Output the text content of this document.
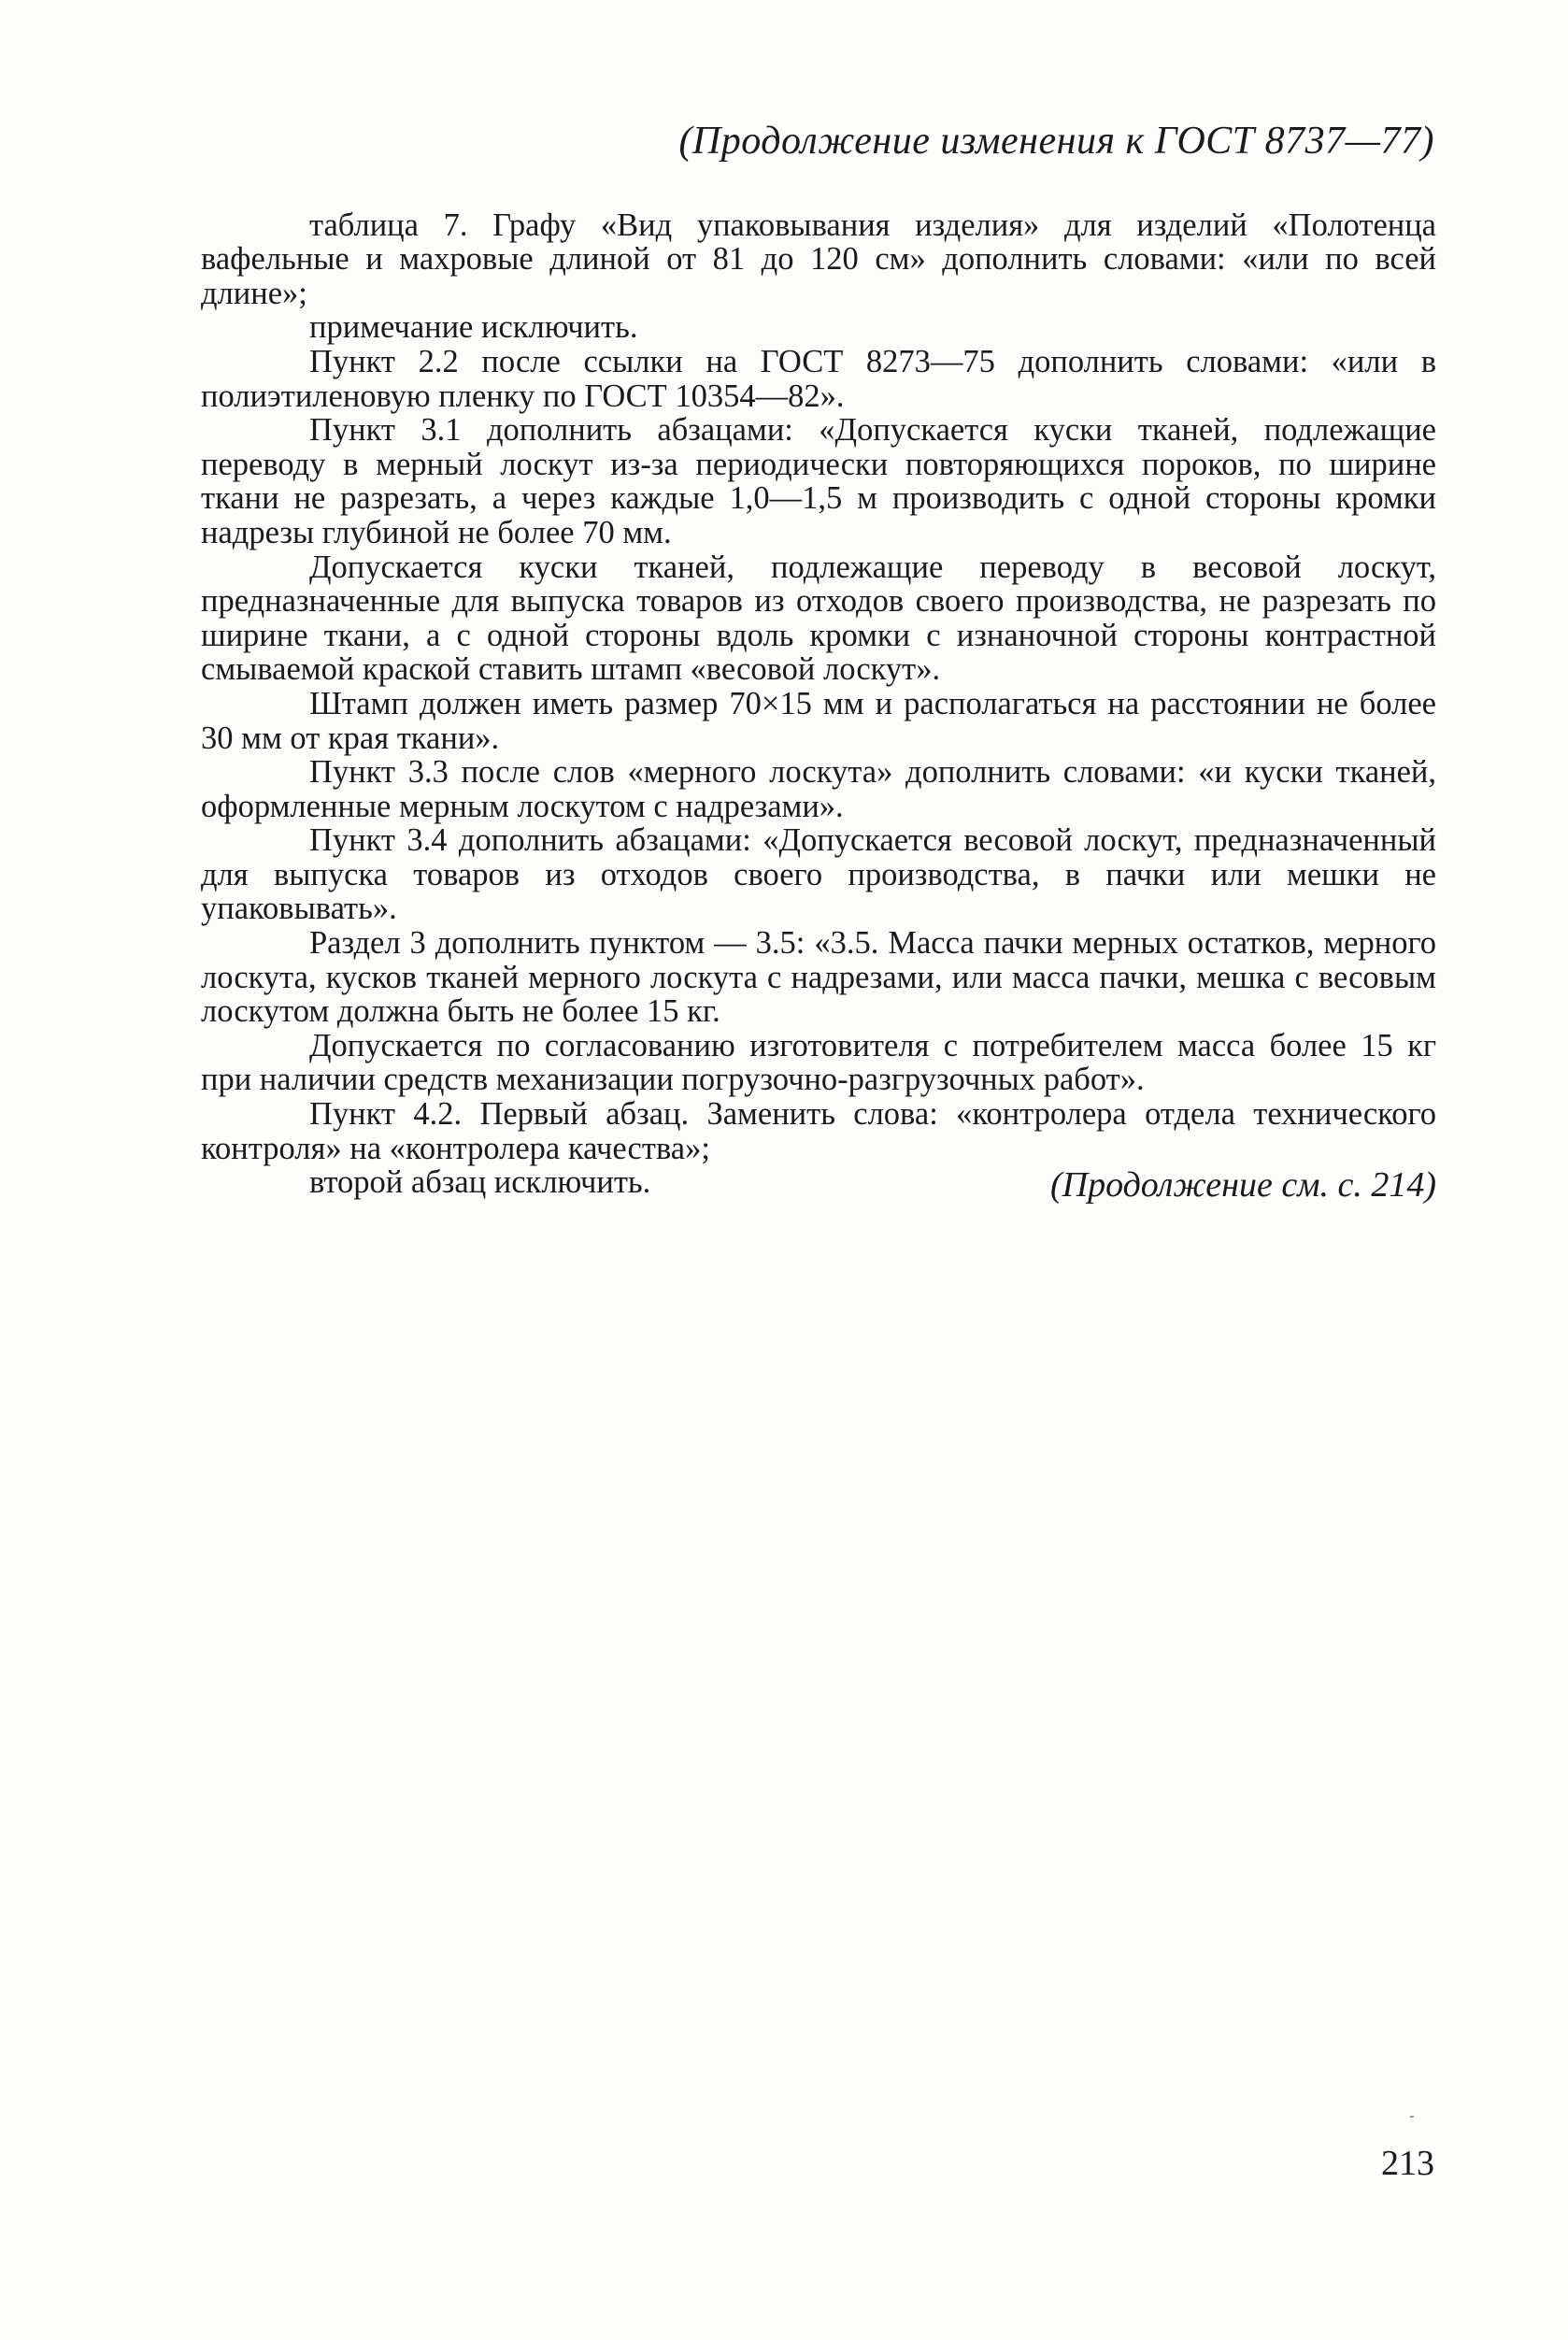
(Продолжение изменения к ГОСТ 8737—77)

таблица 7. Графу «Вид упаковывания изделия» для изделий «Полотенца вафельные и махровые длиной от 81 до 120 см» дополнить словами: «или по всей длине»;

примечание исключить.

Пункт 2.2 после ссылки на ГОСТ 8273—75 дополнить словами: «или в полиэтиленовую пленку по ГОСТ 10354—82».

Пункт 3.1 дополнить абзацами: «Допускается куски тканей, подлежащие переводу в мерный лоскут из-за периодически повторяющихся пороков, по ширине ткани не разрезать, а через каждые 1,0—1,5 м производить с одной стороны кромки надрезы глубиной не более 70 мм.

Допускается куски тканей, подлежащие переводу в весовой лоскут, предназначенные для выпуска товаров из отходов своего производства, не разрезать по ширине ткани, а с одной стороны вдоль кромки с изнаночной стороны контрастной смываемой краской ставить штамп «весовой лоскут».

Штамп должен иметь размер 70×15 мм и располагаться на расстоянии не более 30 мм от края ткани».

Пункт 3.3 после слов «мерного лоскута» дополнить словами: «и куски тканей, оформленные мерным лоскутом с надрезами».

Пункт 3.4 дополнить абзацами: «Допускается весовой лоскут, предназначенный для выпуска товаров из отходов своего производства, в пачки или мешки не упаковывать».

Раздел 3 дополнить пунктом — 3.5: «3.5. Масса пачки мерных остатков, мерного лоскута, кусков тканей мерного лоскута с надрезами, или масса пачки, мешка с весовым лоскутом должна быть не более 15 кг.

Допускается по согласованию изготовителя с потребителем масса более 15 кг при наличии средств механизации погрузочно-разгрузочных работ».

Пункт 4.2. Первый абзац. Заменить слова: «контролера отдела технического контроля» на «контролера качества»;

второй абзац исключить.	(Продолжение см. с. 214)
213
